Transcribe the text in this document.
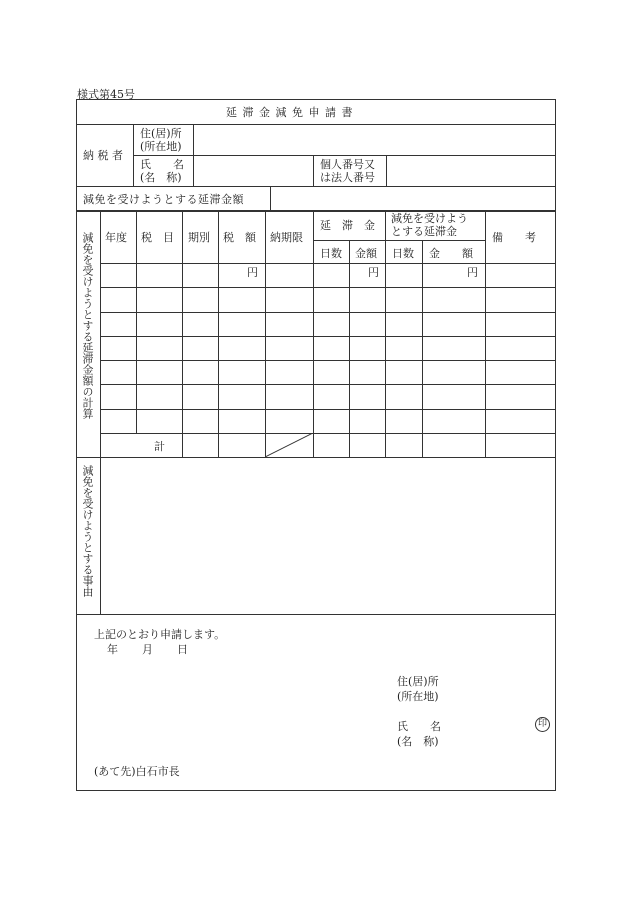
様式第45号
延 滞 金 減 免 申 請 書
納 税 者
住(居)所
(所在地)
氏　　名
(名　称)
個人番号又
は法人番号
減免を受けようとする延滞金額
減免を受けようとする延滞金額の計算 年度 税　目 期別 税　額 納期限
延　滞　金
減免を受けよう
とする延滞金
日数 金額 日数 金　　額
備　　考
円	円	円
計
減免を受けようとする事由
上記のとおり申請します。
年 月 日
住(居)所
(所在地)
氏　　名
(名　称)
印
(あて先)白石市長
